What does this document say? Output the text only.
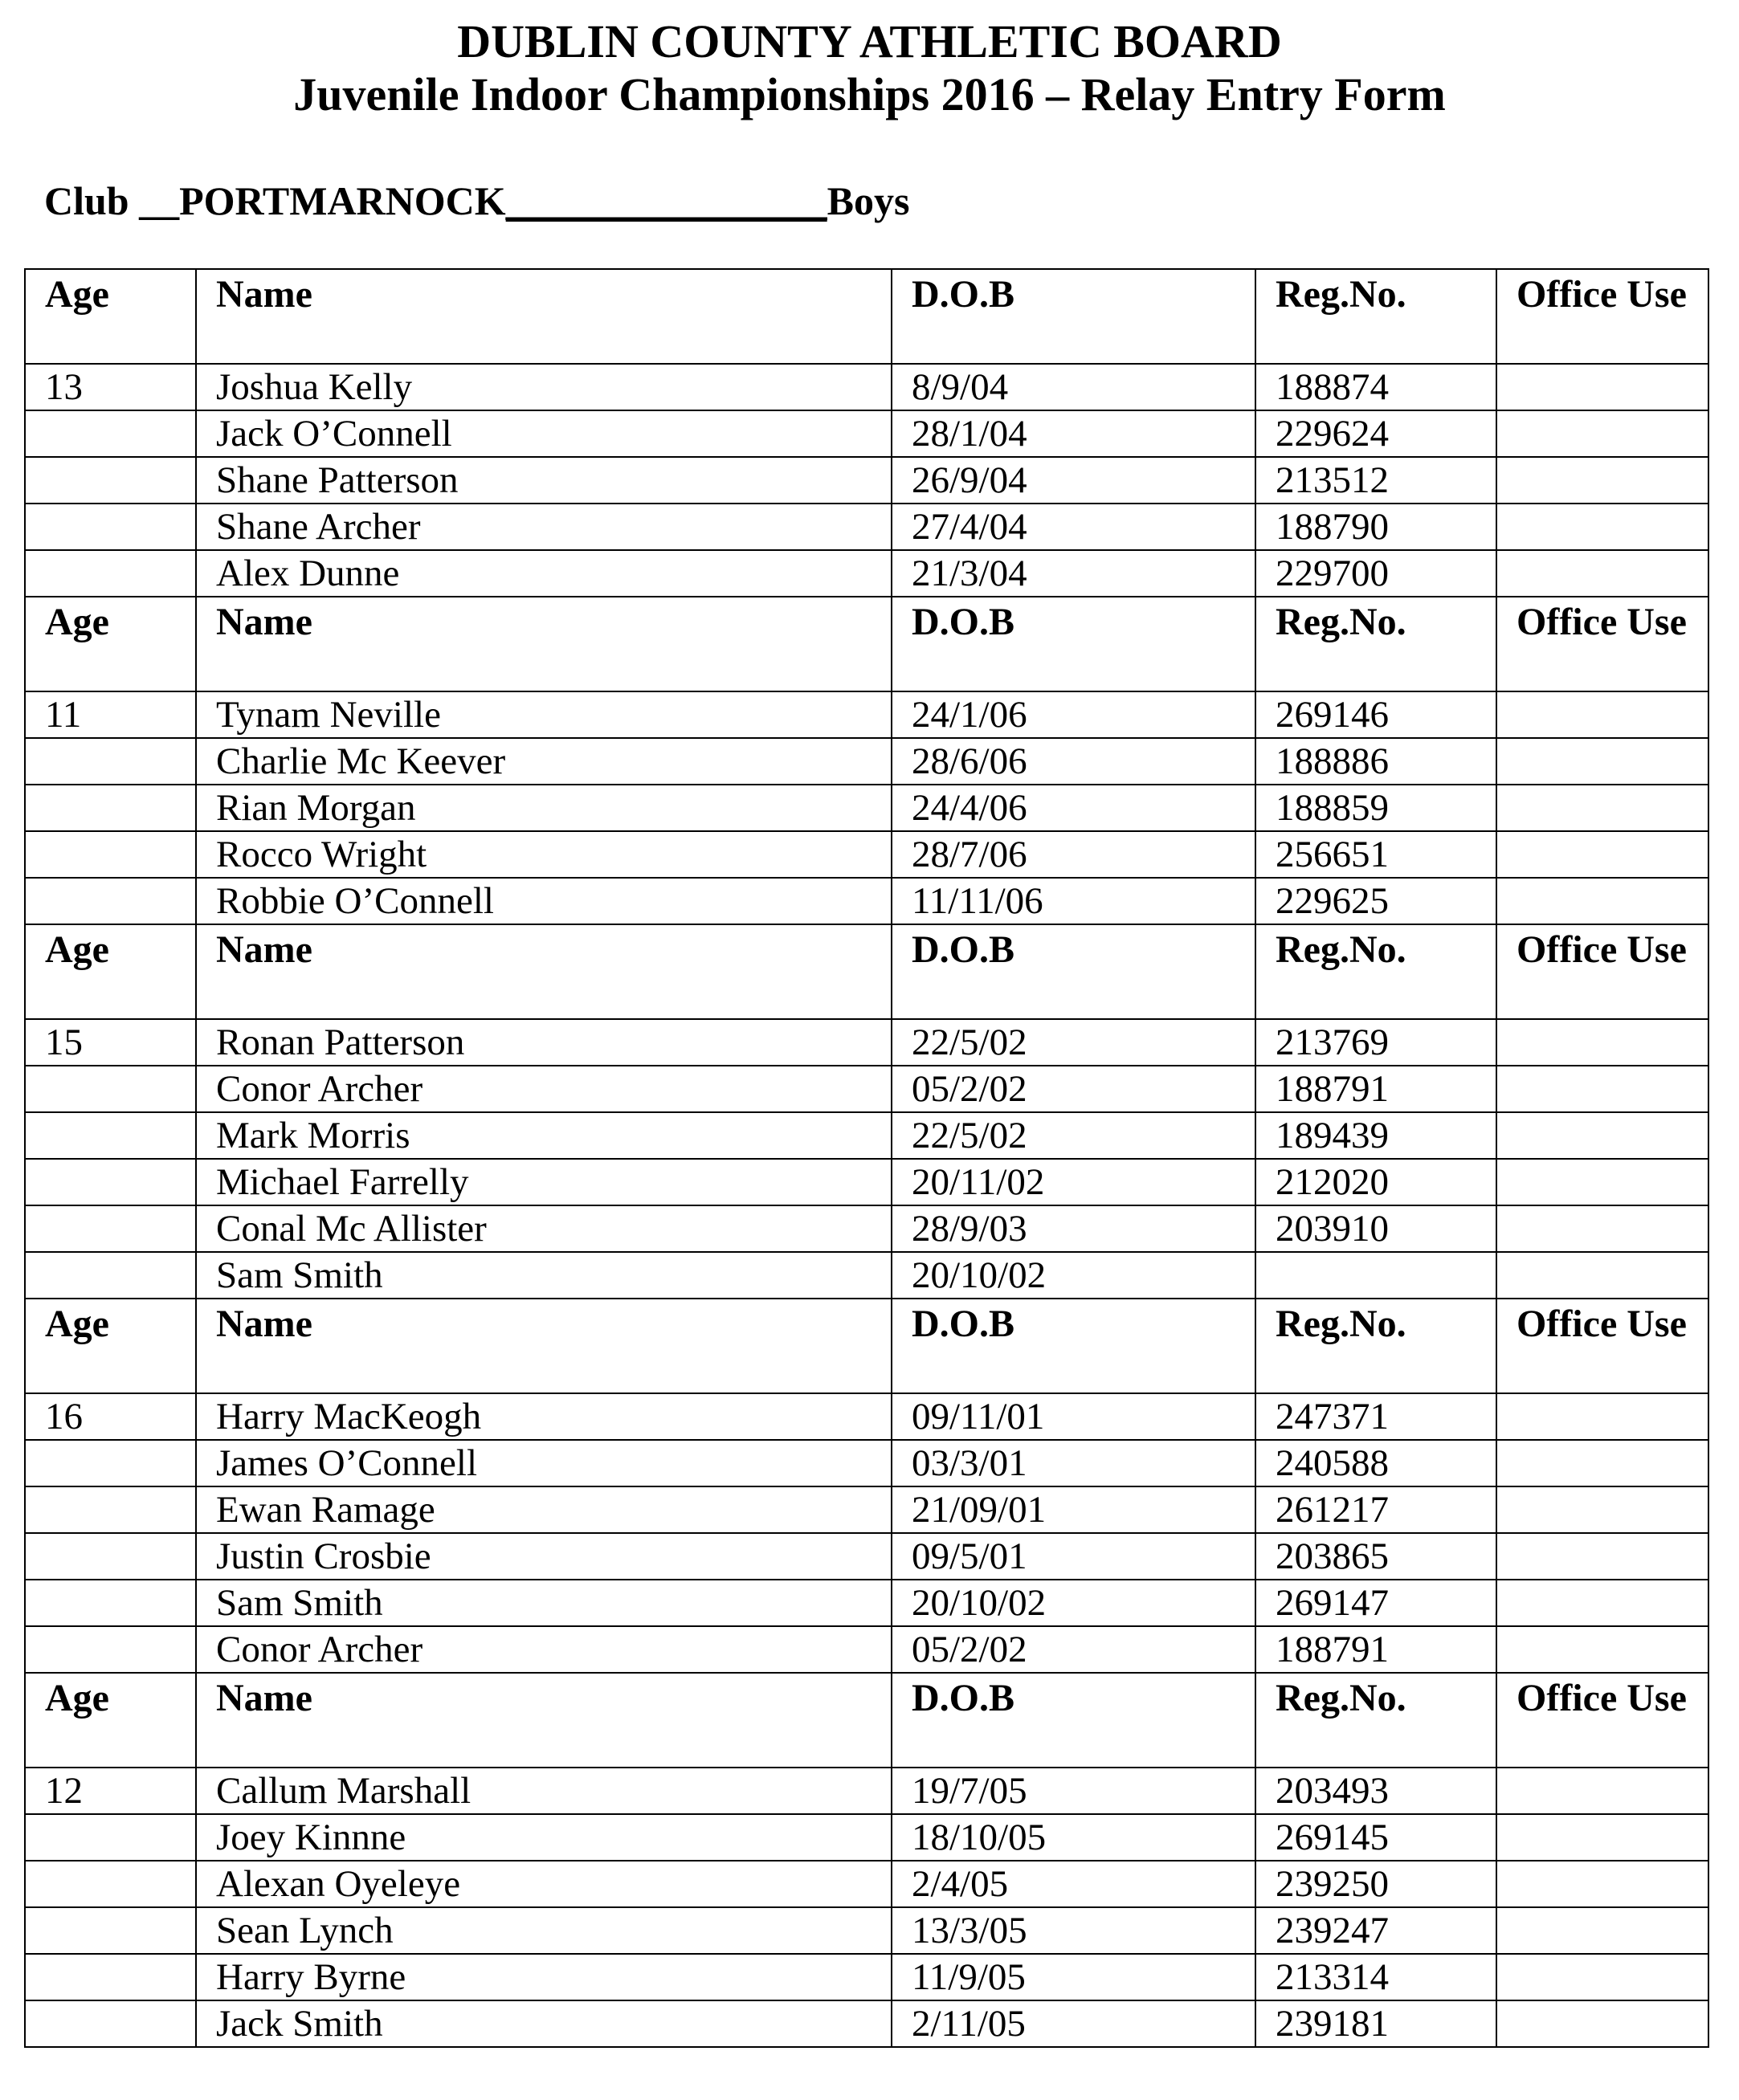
DUBLIN COUNTY ATHLETIC BOARD
Juvenile Indoor Championships 2016 – Relay Entry Form
Club __PORTMARNOCK________________Boys
Age	Name	D.O.B	Reg.No.	Office Use
13	Joshua Kelly	8/9/04	188874	
	Jack O’Connell	28/1/04	229624	
	Shane Patterson	26/9/04	213512	
	Shane Archer	27/4/04	188790	
	Alex Dunne	21/3/04	229700	
Age	Name	D.O.B	Reg.No.	Office Use
11	Tynam Neville	24/1/06	269146	
	Charlie Mc Keever	28/6/06	188886	
	Rian Morgan	24/4/06	188859	
	Rocco Wright	28/7/06	256651	
	Robbie O’Connell	11/11/06	229625	
Age	Name	D.O.B	Reg.No.	Office Use
15	Ronan Patterson	22/5/02	213769	
	Conor Archer	05/2/02	188791	
	Mark Morris	22/5/02	189439	
	Michael Farrelly	20/11/02	212020	
	Conal Mc Allister	28/9/03	203910	
	Sam Smith	20/10/02		
Age	Name	D.O.B	Reg.No.	Office Use
16	Harry MacKeogh	09/11/01	247371	
	James O’Connell	03/3/01	240588	
	Ewan Ramage	21/09/01	261217	
	Justin Crosbie	09/5/01	203865	
	Sam Smith	20/10/02	269147	
	Conor Archer	05/2/02	188791	
Age	Name	D.O.B	Reg.No.	Office Use
12	Callum Marshall	19/7/05	203493	
	Joey Kinnne	18/10/05	269145	
	Alexan Oyeleye	2/4/05	239250	
	Sean Lynch	13/3/05	239247	
	Harry Byrne	11/9/05	213314	
	Jack Smith	2/11/05	239181	
